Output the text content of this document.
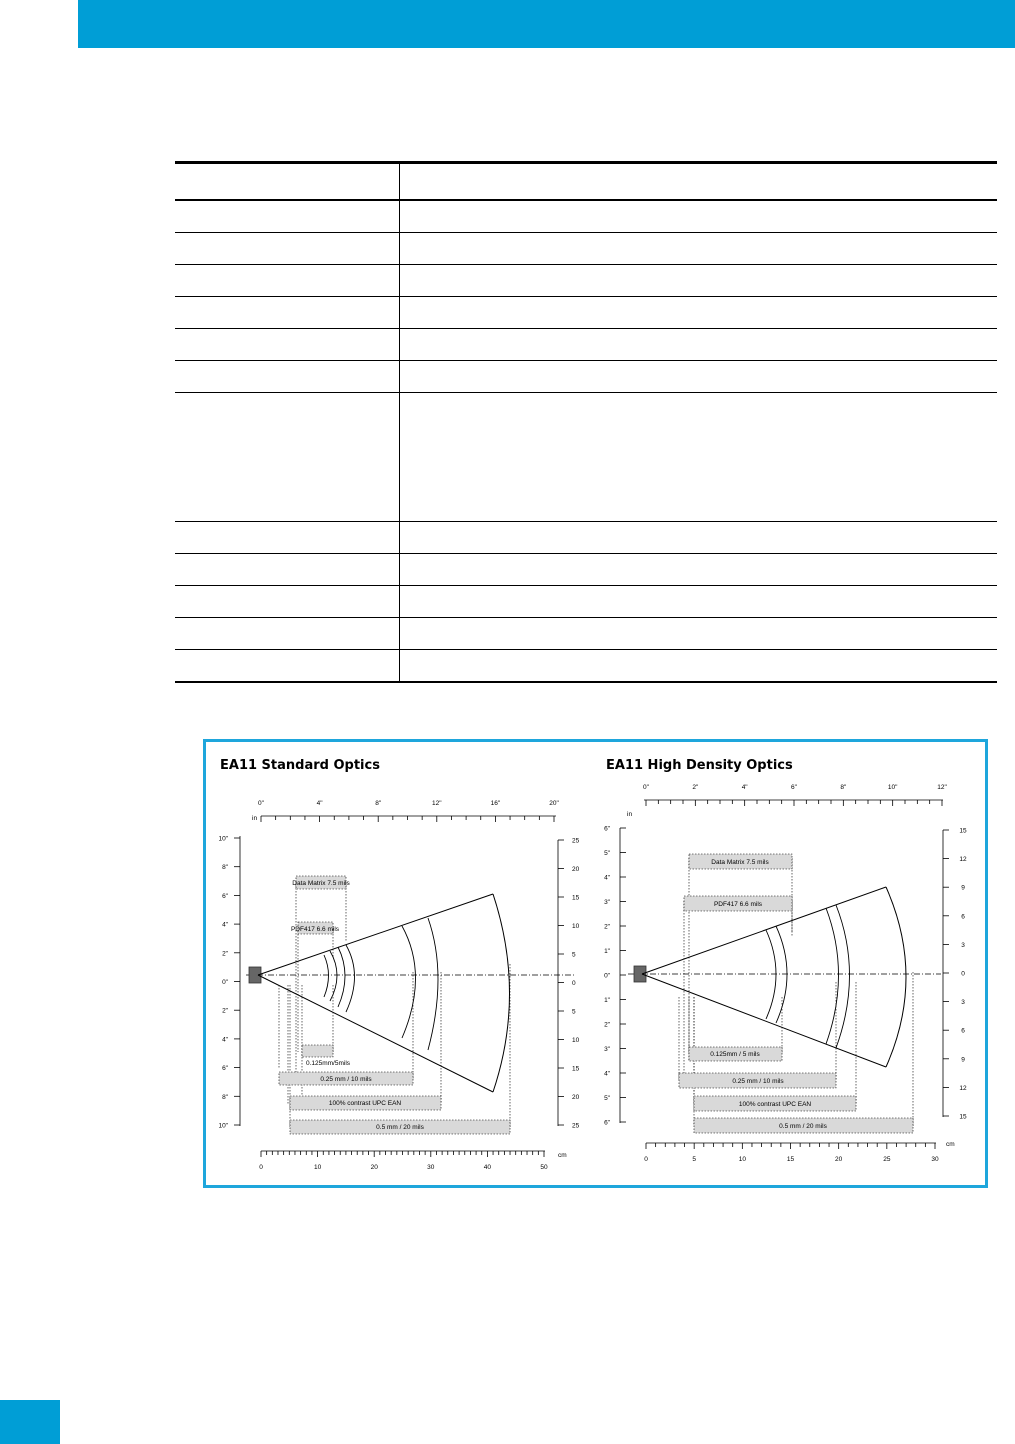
EA11 Standard Optics	EA11 High Density Optics
in
cm
0"	4"	8"	12"	16"	20"
0	10	20	30	40	50
10"
8"
6"
4"
2"
0"
2"
4"
6"
8"
10"
25
20
15
10
5
0
5
10
15
20
25
Data Matrix 7.5 mils
PDF417 6.6 mils
0.125mm/5mils
0.25 mm / 10 mils
100% contrast UPC EAN
0.5 mm / 20 mils
in
cm
0"	2"	4"	6"	8"	10"	12"
0	5	10	15	20	25	30
6"
5"
4"
3"
2"
1"
0"
1"
2"
3"
4"
5"
6"
15
12
9
6
3
0
3
6
9
12
15
Data Matrix 7.5 mils
PDF417 6.6 mils
0.125mm / 5 mils
0.25 mm / 10 mils
100% contrast UPC EAN
0.5 mm / 20 mils
